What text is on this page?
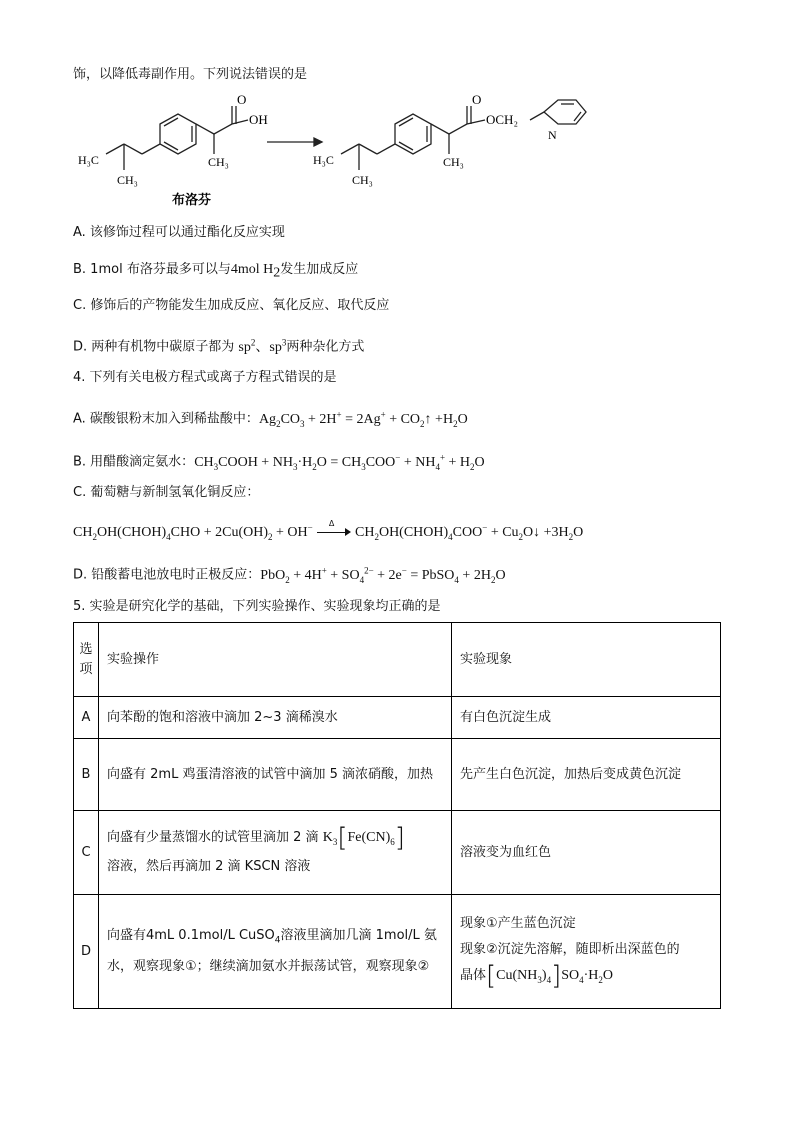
饰，以降低毒副作用。下列说法错误的是
O
OH
H₃C
CH₃
CH₃
布洛芬
O
OCH₂
N
H₃C
CH₃
CH₃
A. 该修饰过程可以通过酯化反应实现
B. 1mol 布洛芬最多可以与4mol $H_2$发生加成反应
C. 修饰后的产物能发生加成反应、氧化反应、取代反应
D. 两种有机物中碳原子都为 $sp^2$、$sp^3$两种杂化方式
4. 下列有关电极方程式或离子方程式错误的是
A. 碳酸银粉末加入到稀盐酸中：$Ag_2CO_3 + 2H^+ = 2Ag^+$ + $CO_2↑ +H_2O$
B. 用醋酸滴定氨水：$CH_3COOH + NH_3\cdot H_2O = CH_3COO^- + NH_4^+ + H_2O$
C. 葡萄糖与新制氢氧化铜反应：
$CH_2OH(CHOH)_4CHO + 2Cu(OH)_2 + OH^-$ Δ
$CH_2OH(CHOH)_4COO^-$ + $Cu_2O↓ +3H_2O$
D. 铅酸蓄电池放电时正极反应：$PbO_2 + 4H^+ + SO_4^{2-} + 2e^-$ = PbSO$_4$ + $2H_2O$
5. 实验是研究化学的基础，下列实验操作、实验现象均正确的是
选项	实验操作	实验现象
A	向苯酚的饱和溶液中滴加 2~3 滴稀溴水	有白色沉淀生成
B	向盛有 2mL 鸡蛋清溶液的试管中滴加 5 滴浓硝酸，加热	先产生白色沉淀，加热后变成黄色沉淀
C	向盛有少量蒸馏水的试管里滴加 2 滴 $K_3[Fe(CN)_6]$
溶液，然后再滴加 2 滴 KSCN 溶液	溶液变为血红色
D	向盛有4mL 0.1mol/L CuSO$_4$溶液里滴加几滴 1mol/L 氨水，观察现象①；继续滴加氨水并振荡试管，观察现象②	现象①产生蓝色沉淀
现象②沉淀先溶解，随即析出深蓝色的
晶体$[Cu(NH_3)_4]SO_4\cdot H_2O$
